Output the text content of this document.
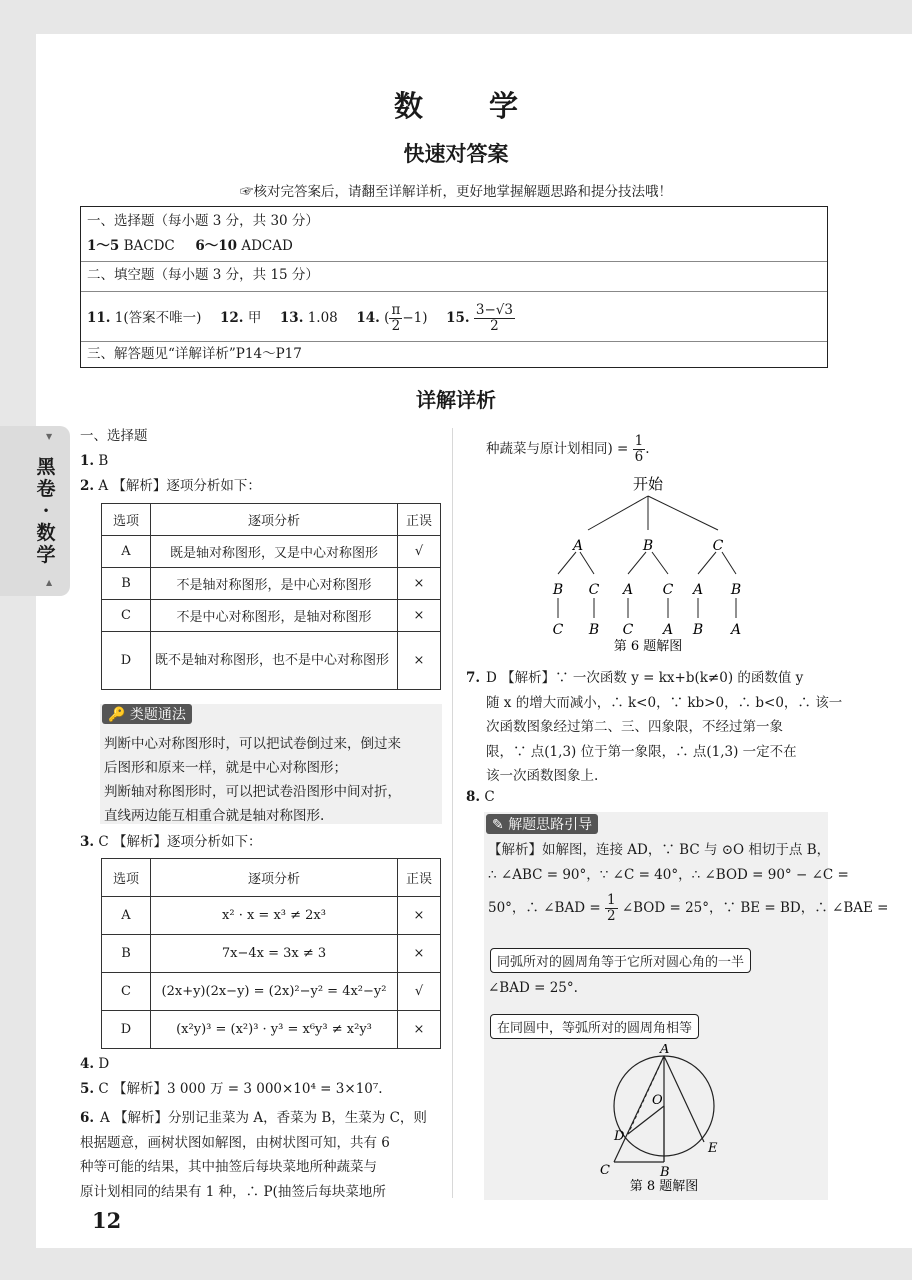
数 学
快速对答案
☞核对完答案后，请翻至详解详析，更好地掌握解题思路和提分技法哦！
一、选择题（每小题 3 分，共 30 分）
1～5 BACDC 6～10 ADCAD
二、填空题（每小题 3 分，共 15 分）
11. 1(答案不唯一) 12. 甲 13. 1.08 14. ( $\frac{\pi}{2} -1$) 15. $\frac{3-√3}{2}$
三、解答题见“详解详析”P14～P17
详解详析
▼
黑卷·数学
▲
一、选择题
1. B
2. A 【解析】逐项分析如下：
选项	逐项分析	正误
A	既是轴对称图形，又是中心对称图形	√
B	不是轴对称图形，是中心对称图形	×
C	不是中心对称图形，是轴对称图形	×
D	既不是轴对称图形，也不是中心对称图形	×
🔑 类题通法
判断中心对称图形时，可以把试卷倒过来，倒过来
后图形和原来一样，就是中心对称图形；
判断轴对称图形时，可以把试卷沿图形中间对折，
直线两边能互相重合就是轴对称图形.
3. C 【解析】逐项分析如下：
选项	逐项分析	正误
A	x² · x = x³ ≠ 2x³	×
B	7x−4x = 3x ≠ 3	×
C	(2x+y)(2x−y) = (2x)²−y² = 4x²−y²	√
D	(x²y)³ = (x²)³ · y³ = x⁶y³ ≠ x²y³	×
4. D
5. C 【解析】3 000 万 = 3 000×10⁴ = 3×10⁷.
6. A 【解析】分别记韭菜为 A，香菜为 B，生菜为 C，则
根据题意，画树状图如解图，由树状图可知，共有 6
种等可能的结果，其中抽签后每块菜地所种蔬菜与
原计划相同的结果有 1 种，∴ P(抽签后每块菜地所
12
种蔬菜与原计划相同) = $\frac{1}{6}$ .
开始
A	B	C
B C A C A B
C B C A B A
第 6 题解图
7. D 【解析】∵ 一次函数 y = kx+b(k≠0) 的函数值 y
随 x 的增大而减小，∴ k<0，∵ kb>0，∴ b<0，∴ 该一
次函数图象经过第二、三、四象限，不经过第一象
限，∵ 点(1,3) 位于第一象限，∴ 点(1,3) 一定不在
该一次函数图象上.
8. C
✎ 解题思路引导
【解析】如解图，连接 AD，∵ BC 与 ⊙O 相切于点 B，
∴ ∠ABC = 90°，∵ ∠C = 40°，∴ ∠BOD = 90° − ∠C =
50°，∴ ∠BAD = $\frac{1}{2}$ ∠BOD = 25°，∵ BE = BD，∴ ∠BAE =
同弧所对的圆周角等于它所对圆心角的一半
∠BAD = 25°.
在同圆中，等弧所对的圆周角相等
A
O
D
E
C	B
第 8 题解图
